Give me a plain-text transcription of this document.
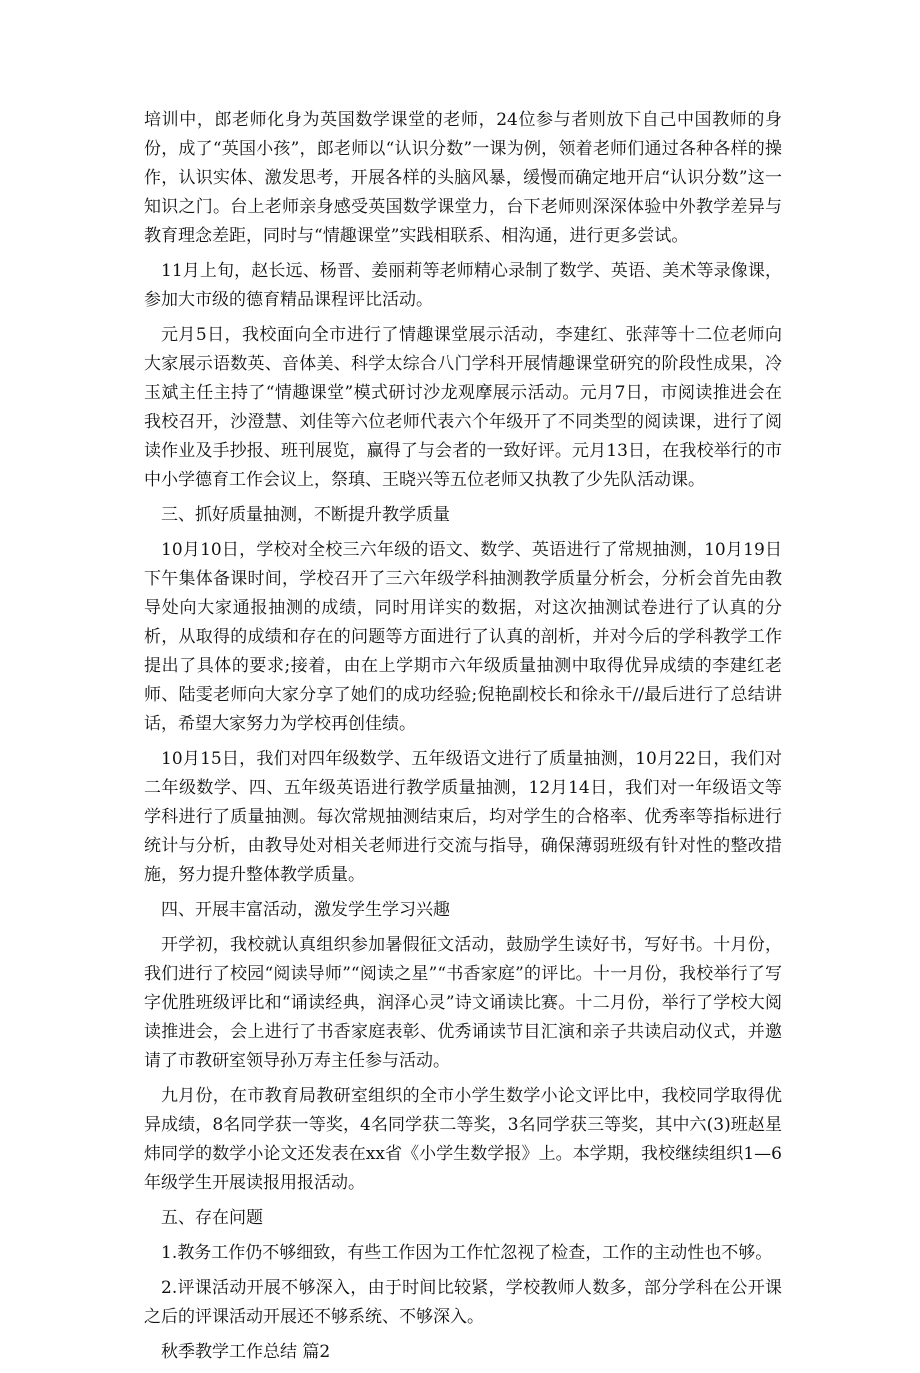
培训中，郎老师化身为英国数学课堂的老师，24位参与者则放下自己中国教师的身份，成了“英国小孩”，郎老师以“认识分数”一课为例，领着老师们通过各种各样的操作，认识实体、激发思考，开展各样的头脑风暴，缓慢而确定地开启“认识分数”这一知识之门。台上老师亲身感受英国数学课堂力，台下老师则深深体验中外教学差异与教育理念差距，同时与“情趣课堂”实践相联系、相沟通，进行更多尝试。

11月上旬，赵长远、杨晋、姜丽莉等老师精心录制了数学、英语、美术等录像课，参加大市级的德育精品课程评比活动。

元月5日，我校面向全市进行了情趣课堂展示活动，李建红、张萍等十二位老师向大家展示语数英、音体美、科学太综合八门学科开展情趣课堂研究的阶段性成果，冷玉斌主任主持了“情趣课堂”模式研讨沙龙观摩展示活动。元月7日，市阅读推进会在我校召开，沙澄慧、刘佳等六位老师代表六个年级开了不同类型的阅读课，进行了阅读作业及手抄报、班刊展览，赢得了与会者的一致好评。元月13日，在我校举行的市中小学德育工作会议上，祭瑱、王晓兴等五位老师又执教了少先队活动课。

三、抓好质量抽测，不断提升教学质量

10月10日，学校对全校三六年级的语文、数学、英语进行了常规抽测，10月19日下午集体备课时间，学校召开了三六年级学科抽测教学质量分析会，分析会首先由教导处向大家通报抽测的成绩，同时用详实的数据，对这次抽测试卷进行了认真的分析，从取得的成绩和存在的问题等方面进行了认真的剖析，并对今后的学科教学工作提出了具体的要求;接着，由在上学期市六年级质量抽测中取得优异成绩的李建红老师、陆雯老师向大家分享了她们的成功经验;倪艳副校长和徐永干//最后进行了总结讲话，希望大家努力为学校再创佳绩。

10月15日，我们对四年级数学、五年级语文进行了质量抽测，10月22日，我们对二年级数学、四、五年级英语进行教学质量抽测，12月14日，我们对一年级语文等学科进行了质量抽测。每次常规抽测结束后，均对学生的合格率、优秀率等指标进行统计与分析，由教导处对相关老师进行交流与指导，确保薄弱班级有针对性的整改措施，努力提升整体教学质量。

四、开展丰富活动，激发学生学习兴趣

开学初，我校就认真组织参加暑假征文活动，鼓励学生读好书，写好书。十月份，我们进行了校园“阅读导师”“阅读之星”“书香家庭”的评比。十一月份，我校举行了写字优胜班级评比和“诵读经典，润泽心灵”诗文诵读比赛。十二月份，举行了学校大阅读推进会，会上进行了书香家庭表彰、优秀诵读节目汇演和亲子共读启动仪式，并邀请了市教研室领导孙万寿主任参与活动。

九月份，在市教育局教研室组织的全市小学生数学小论文评比中，我校同学取得优异成绩，8名同学获一等奖，4名同学获二等奖，3名同学获三等奖，其中六(3)班赵星炜同学的数学小论文还发表在xx省《小学生数学报》上。本学期，我校继续组织1—6年级学生开展读报用报活动。

五、存在问题

1.教务工作仍不够细致，有些工作因为工作忙忽视了检查，工作的主动性也不够。

2.评课活动开展不够深入，由于时间比较紧，学校教师人数多，部分学科在公开课之后的评课活动开展还不够系统、不够深入。

秋季教学工作总结 篇2
